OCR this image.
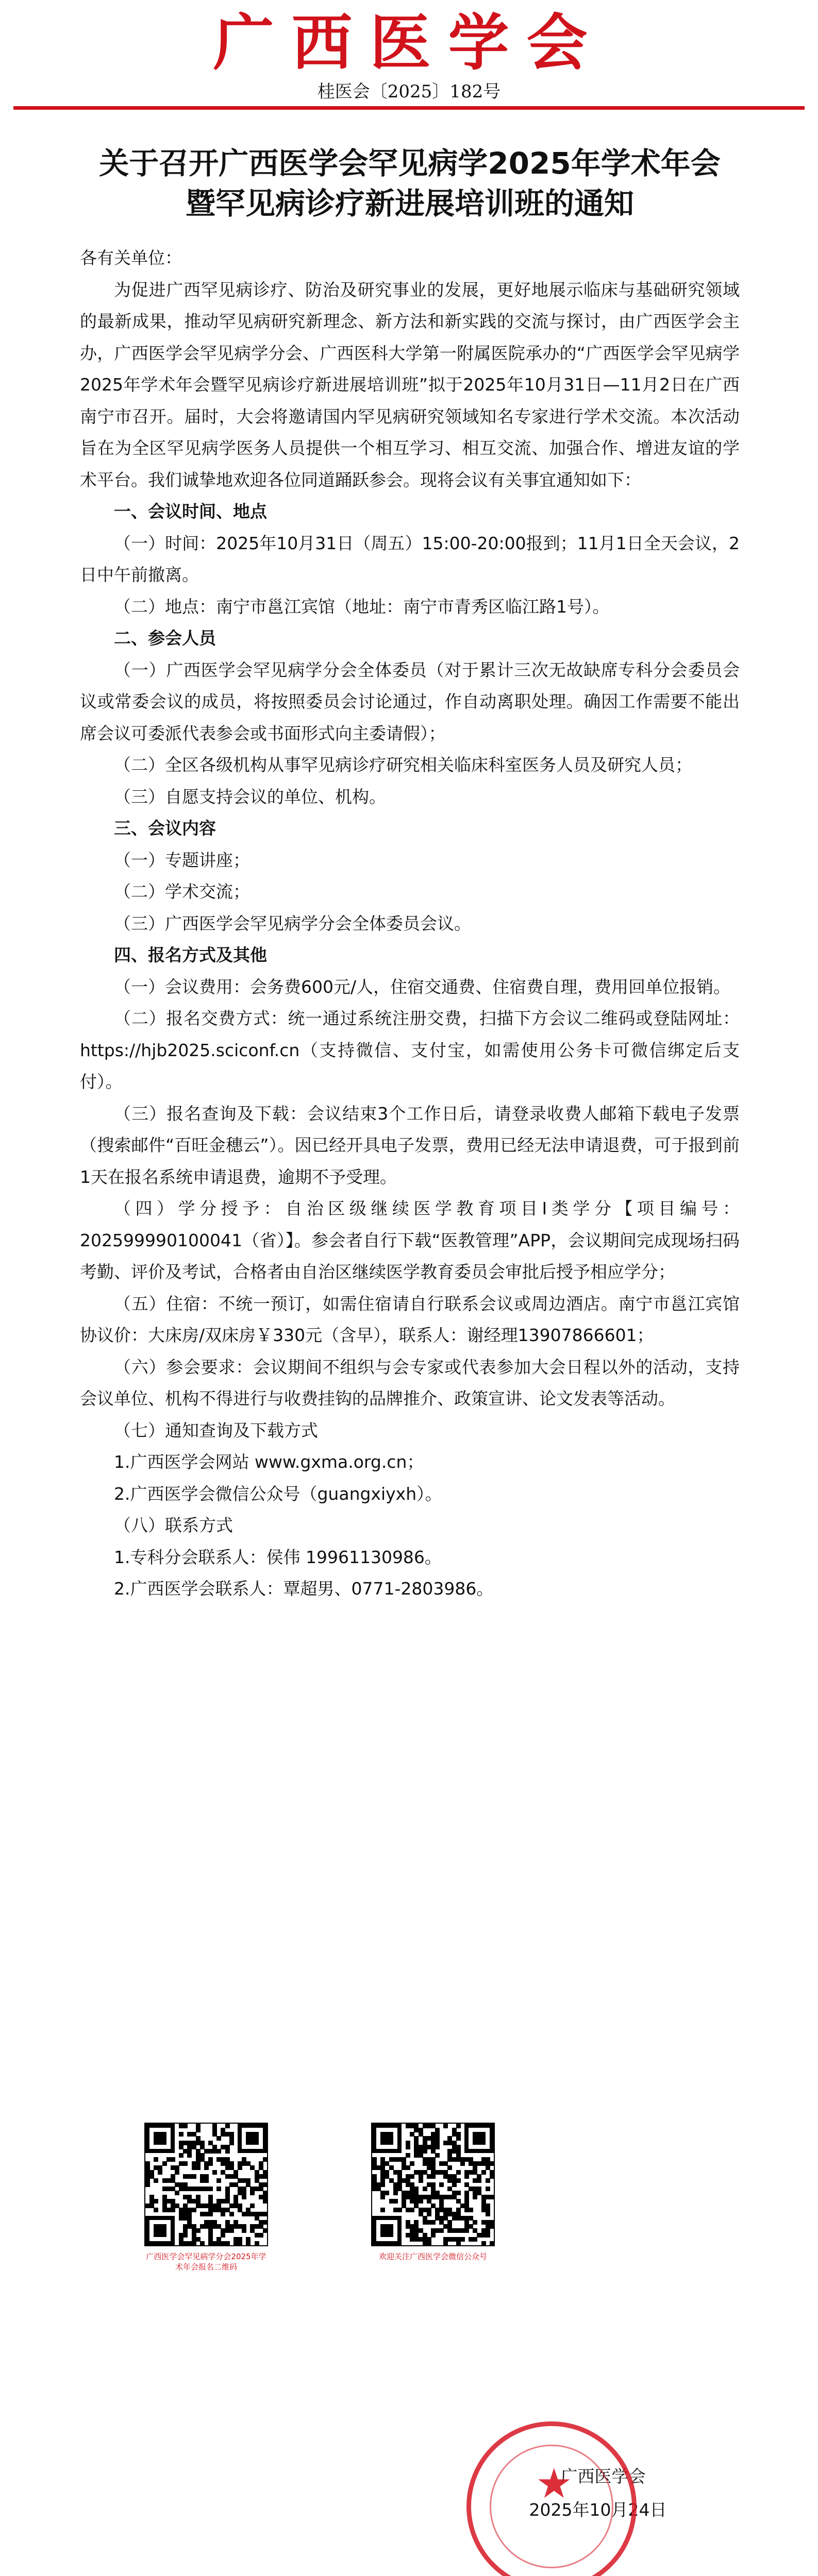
广西医学会
桂医会〔2025〕182号
关于召开广西医学会罕见病学2025年学术年会
暨罕见病诊疗新进展培训班的通知

各有关单位：

为促进广西罕见病诊疗、防治及研究事业的发展，更好地展示临床与基础研究领域的最新成果，推动罕见病研究新理念、新方法和新实践的交流与探讨，由广西医学会主办，广西医学会罕见病学分会、广西医科大学第一附属医院承办的“广西医学会罕见病学2025年学术年会暨罕见病诊疗新进展培训班”拟于2025年10月31日—11月2日在广西南宁市召开。届时，大会将邀请国内罕见病研究领域知名专家进行学术交流。本次活动旨在为全区罕见病学医务人员提供一个相互学习、相互交流、加强合作、增进友谊的学术平台。我们诚挚地欢迎各位同道踊跃参会。现将会议有关事宜通知如下：

一、会议时间、地点

（一）时间：2025年10月31日（周五）15:00-20:00报到；11月1日全天会议，2日中午前撤离。

（二）地点：南宁市邕江宾馆（地址：南宁市青秀区临江路1号）。

二、参会人员

（一）广西医学会罕见病学分会全体委员（对于累计三次无故缺席专科分会委员会议或常委会议的成员，将按照委员会讨论通过，作自动离职处理。确因工作需要不能出席会议可委派代表参会或书面形式向主委请假）；

（二）全区各级机构从事罕见病诊疗研究相关临床科室医务人员及研究人员；

（三）自愿支持会议的单位、机构。

三、会议内容

（一）专题讲座；

（二）学术交流；

（三）广西医学会罕见病学分会全体委员会议。

四、报名方式及其他

（一）会议费用：会务费600元/人，住宿交通费、住宿费自理，费用回单位报销。

（二）报名交费方式：统一通过系统注册交费，扫描下方会议二维码或登陆网址：https://hjb2025.sciconf.cn（支持微信、支付宝，如需使用公务卡可微信绑定后支付）。

（三）报名查询及下载：会议结束3个工作日后，请登录收费人邮箱下载电子发票（搜索邮件“百旺金穗云”）。因已经开具电子发票，费用已经无法申请退费，可于报到前1天在报名系统申请退费，逾期不予受理。

（四）学分授予：自治区级继续医学教育项目Ⅰ类学分【项目编号：202599990100041（省）】。参会者自行下载“医教管理”APP，会议期间完成现场扫码考勤、评价及考试，合格者由自治区继续医学教育委员会审批后授予相应学分；

（五）住宿：不统一预订，如需住宿请自行联系会议或周边酒店。南宁市邕江宾馆协议价：大床房/双床房￥330元（含早），联系人：谢经理13907866601；

（六）参会要求：会议期间不组织与会专家或代表参加大会日程以外的活动，支持会议单位、机构不得进行与收费挂钩的品牌推介、政策宣讲、论文发表等活动。

（七）通知查询及下载方式

1.广西医学会网站 www.gxma.org.cn；

2.广西医学会微信公众号（guangxiyxh）。

（八）联系方式

1.专科分会联系人：侯伟 19961130986。

2.广西医学会联系人：覃超男、0771-2803986。

广西医学会罕见病学分会2025年学术年会报名二维码
欢迎关注广西医学会微信公众号
广西医学会
2025年10月24日
★
